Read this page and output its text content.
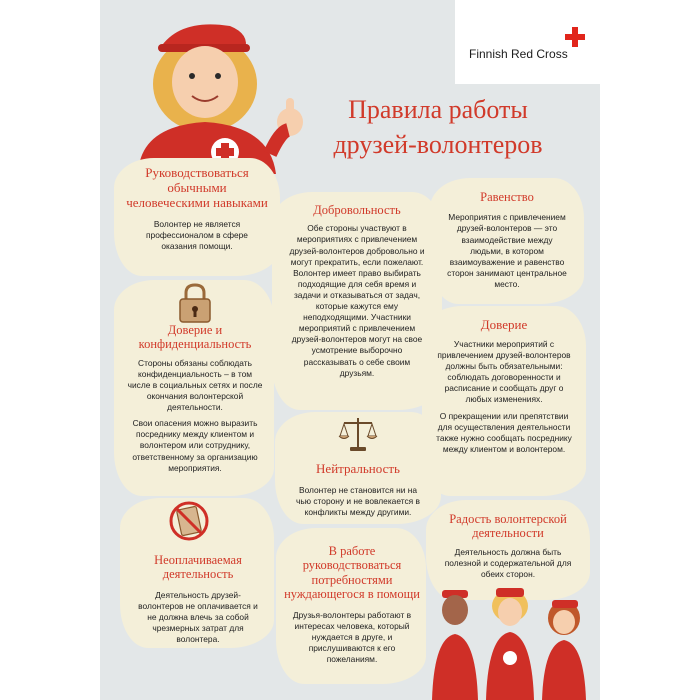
Finnish Red Cross
Правила работы
друзей-волонтеров
Руководствоваться обычными человеческими навыками

Волонтер не является профессионалом в сфере оказания помощи.

Добровольность

Обе стороны участвуют в мероприятиях с привлечением друзей-волонтеров добровольно и могут прекратить, если пожелают. Волонтер имеет право выбирать подходящие для себя время и задачи и отказываться от задач, которые кажутся ему неподходящими. Участники мероприятий с привлечением друзей-волонтеров могут на свое усмотрение выборочно рассказывать о себе своим друзьям.

Равенство

Мероприятия с привлечением друзей-волонтеров — это взаимодействие между людьми, в котором взаимоуважение и равенство сторон занимают центральное место.

Доверие и конфиденциальность

Стороны обязаны соблюдать конфиденциальность – в том числе в социальных сетях и после окончания волонтерской деятельности.

Свои опасения можно выразить посреднику между клиентом и волонтером или сотруднику, ответственному за организацию мероприятия.

Доверие

Участники мероприятий с привлечением друзей-волонтеров должны быть обязательными: соблюдать договоренности и расписание и сообщать друг о любых изменениях.

О прекращении или препятствии для осуществления деятельности также нужно сообщать посреднику между клиентом и волонтером.

Нейтральность

Волонтер не становится ни на чью сторону и не вовлекается в конфликты между другими.

Неоплачиваемая деятельность

Деятельность друзей-волонтеров не оплачивается и не должна влечь за собой чрезмерных затрат для волонтера.

В работе руководствоваться потребностями нуждающегося в помощи

Друзья-волонтеры работают в интересах человека, который нуждается в друге, и прислушиваются к его пожеланиям.

Радость волонтерской деятельности

Деятельность должна быть полезной и содержательной для обеих сторон.
